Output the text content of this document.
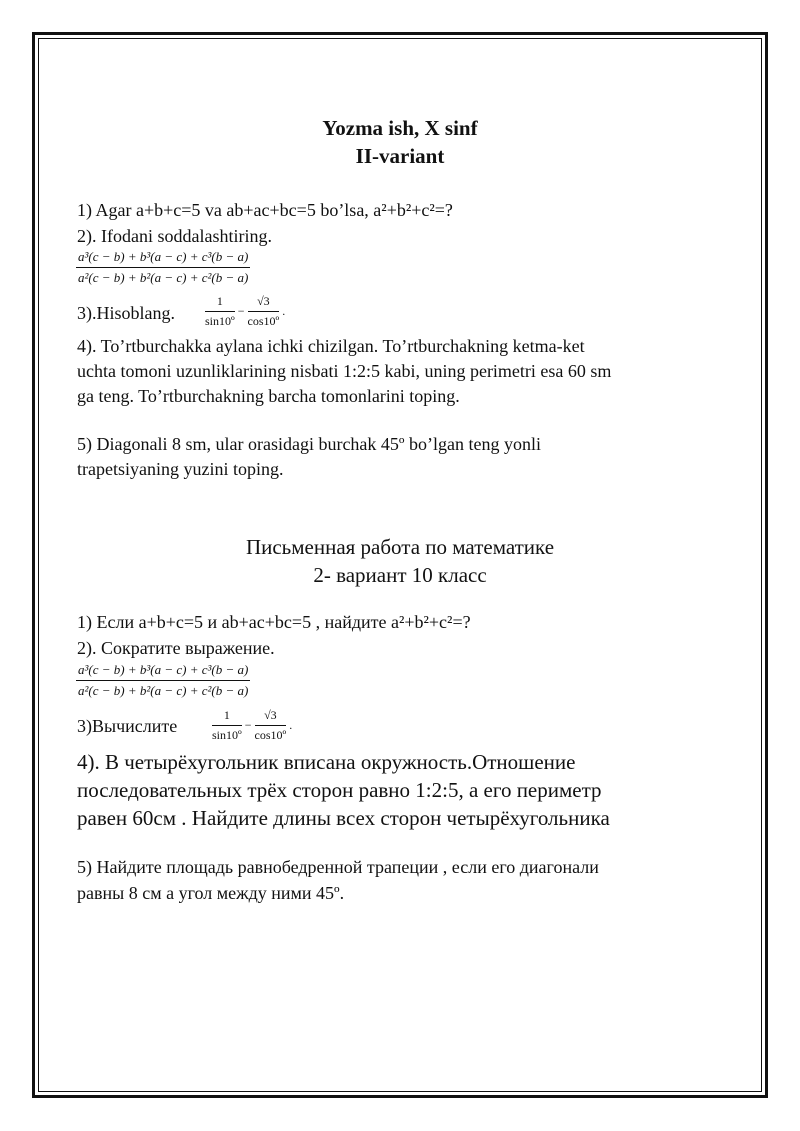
Yozma ish, X sinf
II-variant
1) Agar a+b+c=5 va ab+ac+bc=5 bo’lsa, a²+b²+c²=?
2). Ifodani soddalashtiring.
$\frac{\text{a³(c − b) + b³(a − c) + c³(b − a)}}{\text{a²(c − b) + b²(a − c) + c²(b − a)}}$
3).Hisoblang.	$\frac{1}{\text{sin10º}} - \frac{√3}{\text{cos10º}}$ .
4). To’rtburchakka aylana ichki chizilgan. To’rtburchakning ketma-ket
uchta tomoni uzunliklarining nisbati 1:2:5 kabi, uning perimetri esa 60 sm
ga teng. To’rtburchakning barcha tomonlarini toping.
5) Diagonali 8 sm, ular orasidagi burchak 45º bo’lgan teng yonli
trapetsiyaning yuzini toping.
Письменная работа по математике
2- вариант 10 класс
1) Если a+b+c=5 и ab+ac+bc=5 , найдите a²+b²+c²=?
2). Сократите выражение.
$\frac{\text{a³(c − b) + b³(a − c) + c³(b − a)}}{\text{a²(c − b) + b²(a − c) + c²(b − a)}}$
3)Вычислите	$\frac{1}{\text{sin10º}} - \frac{√3}{\text{cos10º}}$ .
4). В четырёхугольник вписана окружность.Отношение
последовательных трёх сторон равно 1:2:5, а его периметр
равен 60см . Найдите длины всех сторон четырёхугольника
5) Найдите площадь равнобедренной трапеции , если его диагонали
равны 8 см а угол между ними 45º.
